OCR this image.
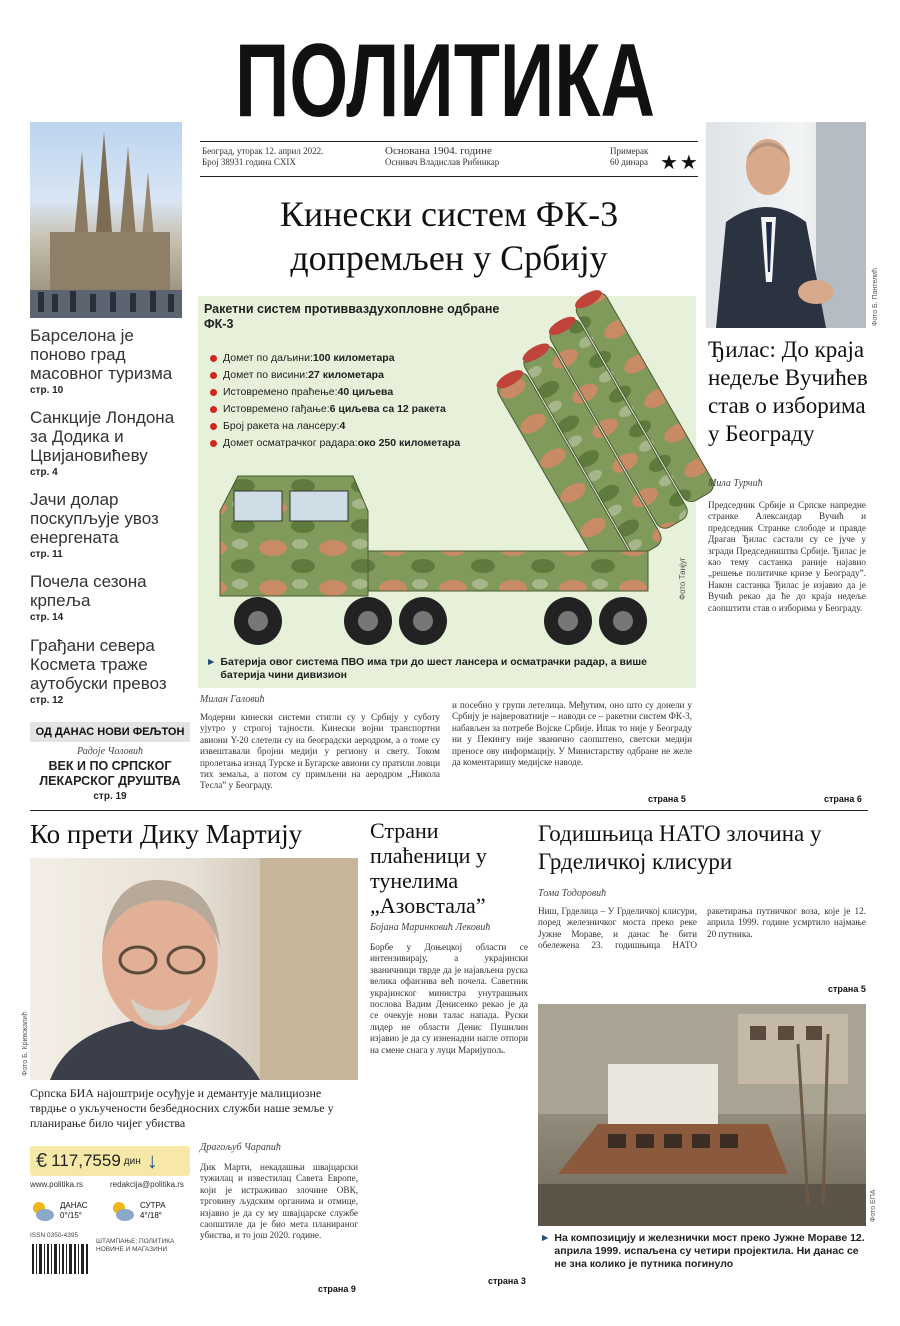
ПОЛИТИКА
Београд, уторак 12. април 2022.
Број 38931 година CXIX
Основана 1904. године
Оснивач Владислав Рибникар
Примерак
60 динара ★★
Барселона је поново град масовног туризма
стр. 10
Санкције Лондона за Додика и Цвијановићеву
стр. 4
Јачи долар поскупљује увоз енергената
стр. 11
Почела сезона крпеља
стр. 14
Грађани севера Космета траже аутобуски превоз
стр. 12
ОД ДАНАС НОВИ ФЕЉТОН
Радоје Чоловић
ВЕК И ПО СРПСКОГ ЛЕКАРСКОГ ДРУШТВА
стр. 19
Кинески систем ФК-3
допремљен у Србију
Ракетни систем противваздухопловне одбране ФК-3
Домет по даљини: 100 километара
Домет по висини: 27 километара
Истовремено праћење: 40 циљева
Истовремено гађање: 6 циљева са 12 ракета
Број ракета на лансеру: 4
Домет осматрачког радара: око 250 километара
Фото Танјуг
► Батерија овог система ПВО има три до шест лансера и осматрачки радар, а више батерија чини дивизион
Милан Галовић
Модерни кинески системи стигли су у Србију у суботу ујутро у строгој тајности. Кинески војни транспортни авиони Y-20 слетели су на београдски аеродром, а о томе су извештавали бројни медији у региону и свету. Током пролетања изнад Турске и Бугарске авиони су пратили ловци тих земаља, а потом су примљени на аеродром „Никола Тесла” у Београду.
и посебно у групи летелица. Међутим, оно што су донели у Србију је највероватније – наводи се – ракетни систем ФК-3, набављен за потребе Војске Србије. Ипак то није у Београду ни у Пекингу није званично саопштено, светски медији преносе ову информацију. У Министарству одбране не желе да коментаришу медијске наводе.
страна 5
Фото Б. Пантелић
Ђилас: До краја недеље Вучићев став о изборима у Београду
Мила Турчић
Председник Србије и Српске напредне странке Александар Вучић и председник Странке слободе и правде Драган Ђилас састали су се јуче у згради Председништва Србије. Ђилас је као тему састанка раније најавио „решење политичке кризе у Београду”. Након састанка Ђилас је изјавио да је Вучић рекао да ће до краја недеље саопштити став о изборима у Београду.
страна 6
Ко прети Дику Мартију
Фото Б. Кривокапић
Српска БИА најоштрије осуђује и демантује малициозне тврдње о укључености безбедносних служби наше земље у планирање било чијег убиства
€ 117,7559 дин ↓
www.politika.rs	redakcija@politika.rs
ДАНАС
0°/15°
СУТРА
4°/18°
ISSN 0350-4395
ШТАМПАЊЕ: ПОЛИТИКА НОВИНЕ И МАГАЗИНИ
Драгољуб Чарапић
Дик Марти, некадашњи швајцарски тужилац и известилац Савета Европе, који је истраживао злочине ОВК, трговину људским органима и отмице, изјавио је да су му швајцарске службе саопштиле да је био мета планираног убиства, и то још 2020. године.
страна 9
Страни плаћеници у тунелима „Азовстала”
Бојана Маринковић Лековић
Борбе у Доњецкој области се интензивирају, а украјински званичници тврде да је најављена руска велика офанзива већ почела. Саветник украјинског министра унутрашњих послова Вадим Денисенко рекао је да се очекује нови талас напада. Руски лидер не области Денис Пушилин изјавио је да су изненадни нагле отпори на смене снага у луци Маријупољ.
страна 3
Годишњица НАТО злочина у Грделичкој клисури
Тома Тодоровић
Ниш, Грделица – У Грделичкој клисури, поред железничког моста преко реке Јужне Мораве, и данас ће бити обележена 23. годишњица НАТО ракетирања путничког воза, које је 12. априла 1999. године усмртило најмање 20 путника.
страна 5
Фото ЕПА
► На композицију и железнички мост преко Јужне Мораве 12. априла 1999. испаљена су четири пројектила. Ни данас се не зна колико је путника погинуло
